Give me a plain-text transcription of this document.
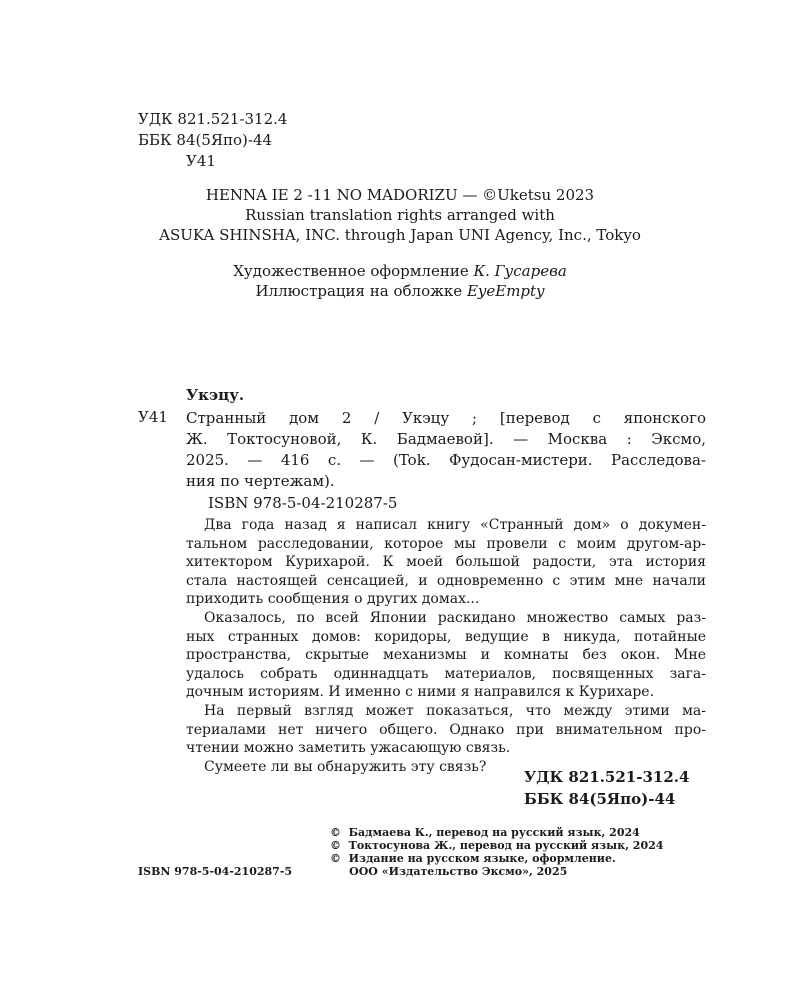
УДК 821.521-312.4
ББК 84(5Япо)-44
У41
HENNA IE 2 -11 NO MADORIZU — ©Uketsu 2023
Russian translation rights arranged with
ASUKA SHINSHA, INC. through Japan UNI Agency, Inc., Tokyo
Художественное оформление К. Гусарева
Иллюстрация на обложке EyeEmpty
Укэцу.
У41 Странный дом 2 / Укэцу ; [перевод с японского
Ж. Токтосуновой, К. Бадмаевой]. — Москва : Эксмо,
2025. — 416 с. — (Tok. Фудосан-мистери. Расследова-
ния по чертежам).
ISBN 978-5-04-210287-5
Два года назад я написал книгу «Странный дом» о докумен-
тальном расследовании, которое мы провели с моим другом-ар-
хитектором Курихарой. К моей большой радости, эта история
стала настоящей сенсацией, и одновременно с этим мне начали
приходить сообщения о других домах...
Оказалось, по всей Японии раскидано множество самых раз-
ных странных домов: коридоры, ведущие в никуда, потайные
пространства, скрытые механизмы и комнаты без окон. Мне
удалось собрать одиннадцать материалов, посвященных зага-
дочным историям. И именно с ними я направился к Курихаре.
На первый взгляд может показаться, что между этими ма-
териалами нет ничего общего. Однако при внимательном про-
чтении можно заметить ужасающую связь.
Сумеете ли вы обнаружить эту связь?
УДК 821.521-312.4
ББК 84(5Япо)-44
©  Бадмаева К., перевод на русский язык, 2024
©  Токтосунова Ж., перевод на русский язык, 2024
©  Издание на русском языке, оформление.
ООО «Издательство Эксмо», 2025
ISBN 978-5-04-210287-5
